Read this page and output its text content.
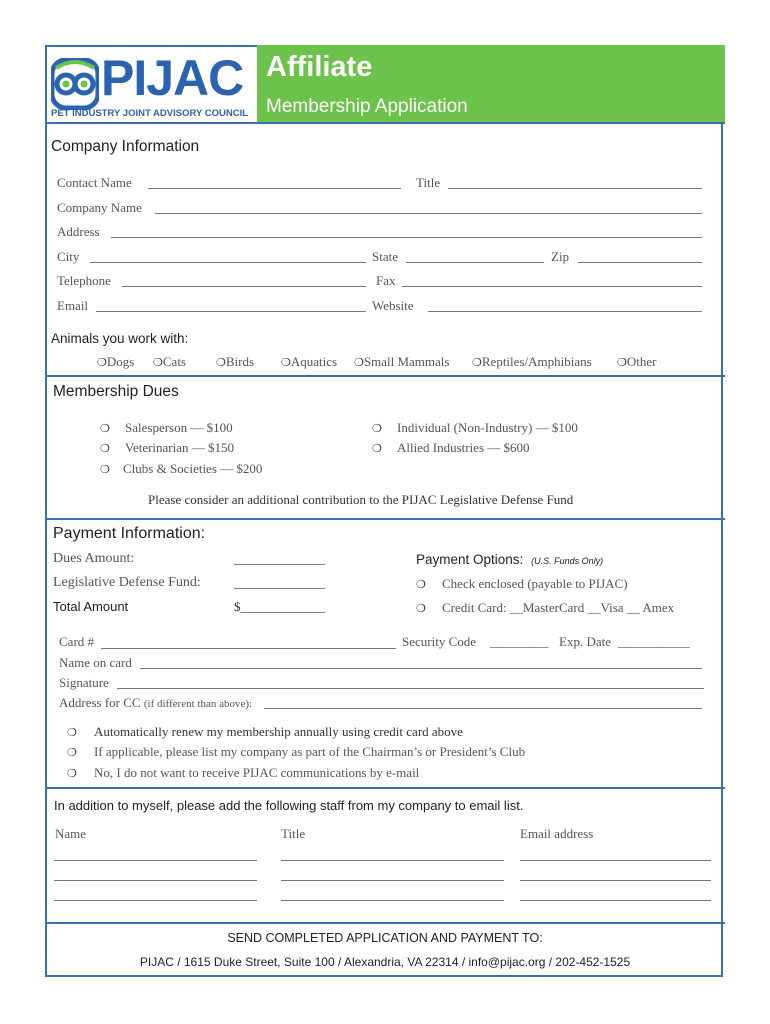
PIJAC
PET INDUSTRY JOINT ADVISORY COUNCIL
Affiliate
Membership Application
Company Information
Contact Name	Title
Company Name
Address
City	State	Zip
Telephone	Fax
Email	Website
Animals you work with:
❍Dogs ❍Cats	❍Birds ❍Aquatics ❍Small Mammals ❍Reptiles/Amphibians ❍Other
Membership Dues
❍ Salesperson — $100
❍ Veterinarian — $150
❍ Clubs & Societies — $200
❍ Individual (Non-Industry) — $100
❍ Allied Industries — $600
Please consider an additional contribution to the PIJAC Legislative Defense Fund
Payment Information:
Dues Amount:	______________
Legislative Defense Fund:	______________
Total Amount	$_____________
Payment Options: (U.S. Funds Only)
❍ Check enclosed (payable to PIJAC)
❍ Credit Card: __MasterCard __Visa __ Amex
Card #	Security Code _________ Exp. Date ___________
Name on card
Signature
Address for CC (if different than above):
❍ Automatically renew my membership annually using credit card above
❍ If applicable, please list my company as part of the Chairman’s or President’s Club
❍ No, I do not want to receive PIJAC communications by e-mail
In addition to myself, please add the following staff from my company to email list.
Name	Title	Email address
SEND COMPLETED APPLICATION AND PAYMENT TO:
PIJAC / 1615 Duke Street, Suite 100 / Alexandria, VA 22314 / info@pijac.org / 202-452-1525
